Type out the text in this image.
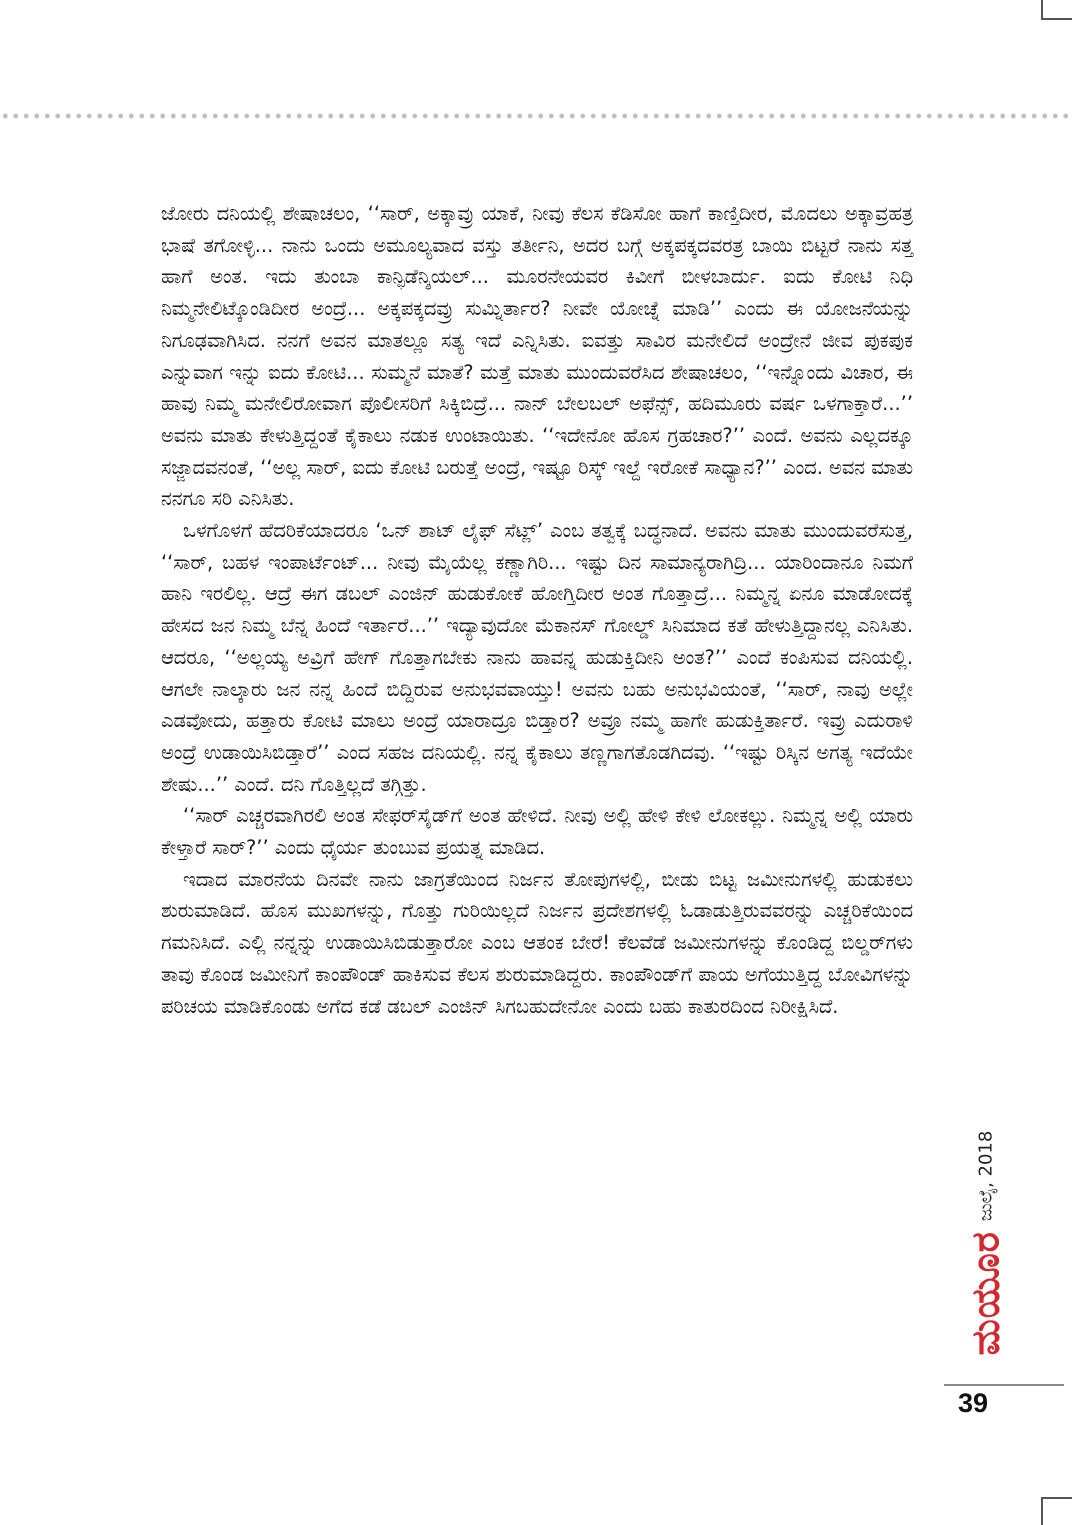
ಜೋರು ದನಿಯಲ್ಲಿ ಶೇಷಾಚಲಂ, ‘‘ಸಾರ್, ಅಕ್ಕಾವ್ರು ಯಾಕೆ, ನೀವು ಕೆಲಸ ಕೆಡಿಸೋ ಹಾಗೆ ಕಾಣ್ತಿದೀರ, ಮೊದಲು ಅಕ್ಕಾವ್ರಹತ್ರ ಭಾಷೆ ತಗೋಳ್ಳಿ... ನಾನು ಒಂದು ಅಮೂಲ್ಯವಾದ ವಸ್ತು ತರ್ತೀನಿ, ಅದರ ಬಗ್ಗೆ ಅಕ್ಕಪಕ್ಕದವರತ್ರ ಬಾಯಿ ಬಿಟ್ಟರೆ ನಾನು ಸತ್ತ ಹಾಗೆ ಅಂತ. ಇದು ತುಂಬಾ ಕಾನ್ಫಿಡೆನ್ಶಿಯಲ್... ಮೂರನೇಯವರ ಕಿವೀಗೆ ಬೀಳಬಾರ್ದು. ಐದು ಕೋಟಿ ನಿಧಿ ನಿಮ್ಮನೇಲಿಟ್ಕೊಂಡಿದೀರ ಅಂದ್ರೆ... ಅಕ್ಕಪಕ್ಕದವ್ರು ಸುಮ್ನಿರ್ತಾರ? ನೀವೇ ಯೋಚ್ನೆ ಮಾಡಿ’’ ಎಂದು ಈ ಯೋಜನೆಯನ್ನು ನಿಗೂಢವಾಗಿಸಿದ. ನನಗೆ ಅವನ ಮಾತಲ್ಲೂ ಸತ್ಯ ಇದೆ ಎನ್ನಿಸಿತು. ಐವತ್ತು ಸಾವಿರ ಮನೇಲಿದೆ ಅಂದ್ರೇನೆ ಜೀವ ಪುಕಪುಕ ಎನ್ನುವಾಗ ಇನ್ನು ಐದು ಕೋಟಿ... ಸುಮ್ಮನೆ ಮಾತೆ? ಮತ್ತೆ ಮಾತು ಮುಂದುವರೆಸಿದ ಶೇಷಾಚಲಂ, ‘‘ಇನ್ನೊಂದು ವಿಚಾರ, ಈ ಹಾವು ನಿಮ್ಮ ಮನೇಲಿರೋವಾಗ ಪೊಲೀಸರಿಗೆ ಸಿಕ್ಕಿಬಿದ್ರೆ... ನಾನ್ ಬೇಲಬಲ್ ಅಫೆನ್ಸ್, ಹದಿಮೂರು ವರ್ಷ ಒಳಗಾಕ್ತಾರೆ...’’ ಅವನು ಮಾತು ಕೇಳುತ್ತಿದ್ದಂತೆ ಕೈಕಾಲು ನಡುಕ ಉಂಟಾಯಿತು. ‘‘ಇದೇನೋ ಹೊಸ ಗ್ರಹಚಾರ?’’ ಎಂದೆ. ಅವನು ಎಲ್ಲದಕ್ಕೂ ಸಜ್ಜಾದವನಂತೆ, ‘‘ಅಲ್ಲ ಸಾರ್, ಐದು ಕೋಟಿ ಬರುತ್ತೆ ಅಂದ್ರೆ, ಇಷ್ಟೂ ರಿಸ್ಕ್ ಇಲ್ದೆ ಇರೋಕೆ ಸಾಧ್ಯಾನ?’’ ಎಂದ. ಅವನ ಮಾತು ನನಗೂ ಸರಿ ಎನಿಸಿತು.

ಒಳಗೊಳಗೆ ಹೆದರಿಕೆಯಾದರೂ ‘ಒನ್ ಶಾಟ್ ಲೈಫ್ ಸೆಟ್ಲ್’ ಎಂಬ ತತ್ವಕ್ಕೆ ಬದ್ಧನಾದೆ. ಅವನು ಮಾತು ಮುಂದುವರೆಸುತ್ತ, ‘‘ಸಾರ್, ಬಹಳ ಇಂಪಾರ್ಟೆಂಟ್... ನೀವು ಮೈಯೆಲ್ಲ ಕಣ್ಣಾಗಿರಿ... ಇಷ್ಟು ದಿನ ಸಾಮಾನ್ಯರಾಗಿದ್ರಿ... ಯಾರಿಂದಾನೂ ನಿಮಗೆ ಹಾನಿ ಇರಲಿಲ್ಲ. ಆದ್ರೆ ಈಗ ಡಬಲ್ ಎಂಜಿನ್ ಹುಡುಕೋಕೆ ಹೋಗ್ತಿದೀರ ಅಂತ ಗೊತ್ತಾದ್ರೆ... ನಿಮ್ಮನ್ನ ಏನೂ ಮಾಡೋದಕ್ಕೆ ಹೇಸದ ಜನ ನಿಮ್ಮ ಬೆನ್ನ ಹಿಂದೆ ಇರ್ತಾರೆ...’’ ಇದ್ಯಾವುದೋ ಮೆಕಾನಸ್ ಗೋಲ್ಡ್ ಸಿನಿಮಾದ ಕತೆ ಹೇಳುತ್ತಿದ್ದಾನಲ್ಲ ಎನಿಸಿತು. ಆದರೂ, ‘‘ಅಲ್ಲಯ್ಯ ಅವ್ರಿಗೆ ಹೇಗ್ ಗೊತ್ತಾಗಬೇಕು ನಾನು ಹಾವನ್ನ ಹುಡುಕ್ತಿದೀನಿ ಅಂತ?’’ ಎಂದೆ ಕಂಪಿಸುವ ದನಿಯಲ್ಲಿ. ಆಗಲೇ ನಾಲ್ಕಾರು ಜನ ನನ್ನ ಹಿಂದೆ ಬಿದ್ದಿರುವ ಅನುಭವವಾಯ್ತು! ಅವನು ಬಹು ಅನುಭವಿಯಂತೆ, ‘‘ಸಾರ್, ನಾವು ಅಲ್ಲೇ ಎಡವೋದು, ಹತ್ತಾರು ಕೋಟಿ ಮಾಲು ಅಂದ್ರೆ ಯಾರಾದ್ರೂ ಬಿಡ್ತಾರ? ಅವ್ರೂ ನಮ್ಮ ಹಾಗೇ ಹುಡುಕ್ತಿರ್ತಾರೆ. ಇವ್ರು ಎದುರಾಳಿ ಅಂದ್ರೆ ಉಡಾಯಿಸಿಬಿಡ್ತಾರೆ’’ ಎಂದ ಸಹಜ ದನಿಯಲ್ಲಿ. ನನ್ನ ಕೈಕಾಲು ತಣ್ಣಗಾಗತೊಡಗಿದವು. ‘‘ಇಷ್ಟು ರಿಸ್ಕಿನ ಅಗತ್ಯ ಇದೆಯೇ ಶೇಷು...’’ ಎಂದೆ. ದನಿ ಗೊತ್ತಿಲ್ಲದೆ ತಗ್ಗಿತ್ತು.

‘‘ಸಾರ್ ಎಚ್ಚರವಾಗಿರಲಿ ಅಂತ ಸೇಫರ್‌ಸೈಡ್‌ಗೆ ಅಂತ ಹೇಳಿದೆ. ನೀವು ಅಲ್ಲಿ ಹೇಳಿ ಕೇಳಿ ಲೋಕಲ್ಲು. ನಿಮ್ಮನ್ನ ಅಲ್ಲಿ ಯಾರು ಕೇಳ್ತಾರೆ ಸಾರ್?’’ ಎಂದು ಧೈರ್ಯ ತುಂಬುವ ಪ್ರಯತ್ನ ಮಾಡಿದ.

ಇದಾದ ಮಾರನೆಯ ದಿನವೇ ನಾನು ಜಾಗ್ರತೆಯಿಂದ ನಿರ್ಜನ ತೋಪುಗಳಲ್ಲಿ, ಬೀಡು ಬಿಟ್ಟ ಜಮೀನುಗಳಲ್ಲಿ ಹುಡುಕಲು ಶುರುಮಾಡಿದೆ. ಹೊಸ ಮುಖಗಳನ್ನು, ಗೊತ್ತು ಗುರಿಯಿಲ್ಲದೆ ನಿರ್ಜನ ಪ್ರದೇಶಗಳಲ್ಲಿ ಓಡಾಡುತ್ತಿರುವವರನ್ನು ಎಚ್ಚರಿಕೆಯಿಂದ ಗಮನಿಸಿದೆ. ಎಲ್ಲಿ ನನ್ನನ್ನು ಉಡಾಯಿಸಿಬಿಡುತ್ತಾರೋ ಎಂಬ ಆತಂಕ ಬೇರೆ! ಕೆಲವೆಡೆ ಜಮೀನುಗಳನ್ನು ಕೊಂಡಿದ್ದ ಬಿಲ್ಡರ್‌ಗಳು ತಾವು ಕೊಂಡ ಜಮೀನಿಗೆ ಕಾಂಪೌಂಡ್ ಹಾಕಿಸುವ ಕೆಲಸ ಶುರುಮಾಡಿದ್ದರು. ಕಾಂಪೌಂಡ್‌ಗೆ ಪಾಯ ಅಗೆಯುತ್ತಿದ್ದ ಬೋವಿಗಳನ್ನು ಪರಿಚಯ ಮಾಡಿಕೊಂಡು ಅಗೆದ ಕಡೆ ಡಬಲ್ ಎಂಜಿನ್ ಸಿಗಬಹುದೇನೋ ಎಂದು ಬಹು ಕಾತುರದಿಂದ ನಿರೀಕ್ಷಿಸಿದೆ.

ಮಯೂರ
ಜುಲೈ, 2018
39
